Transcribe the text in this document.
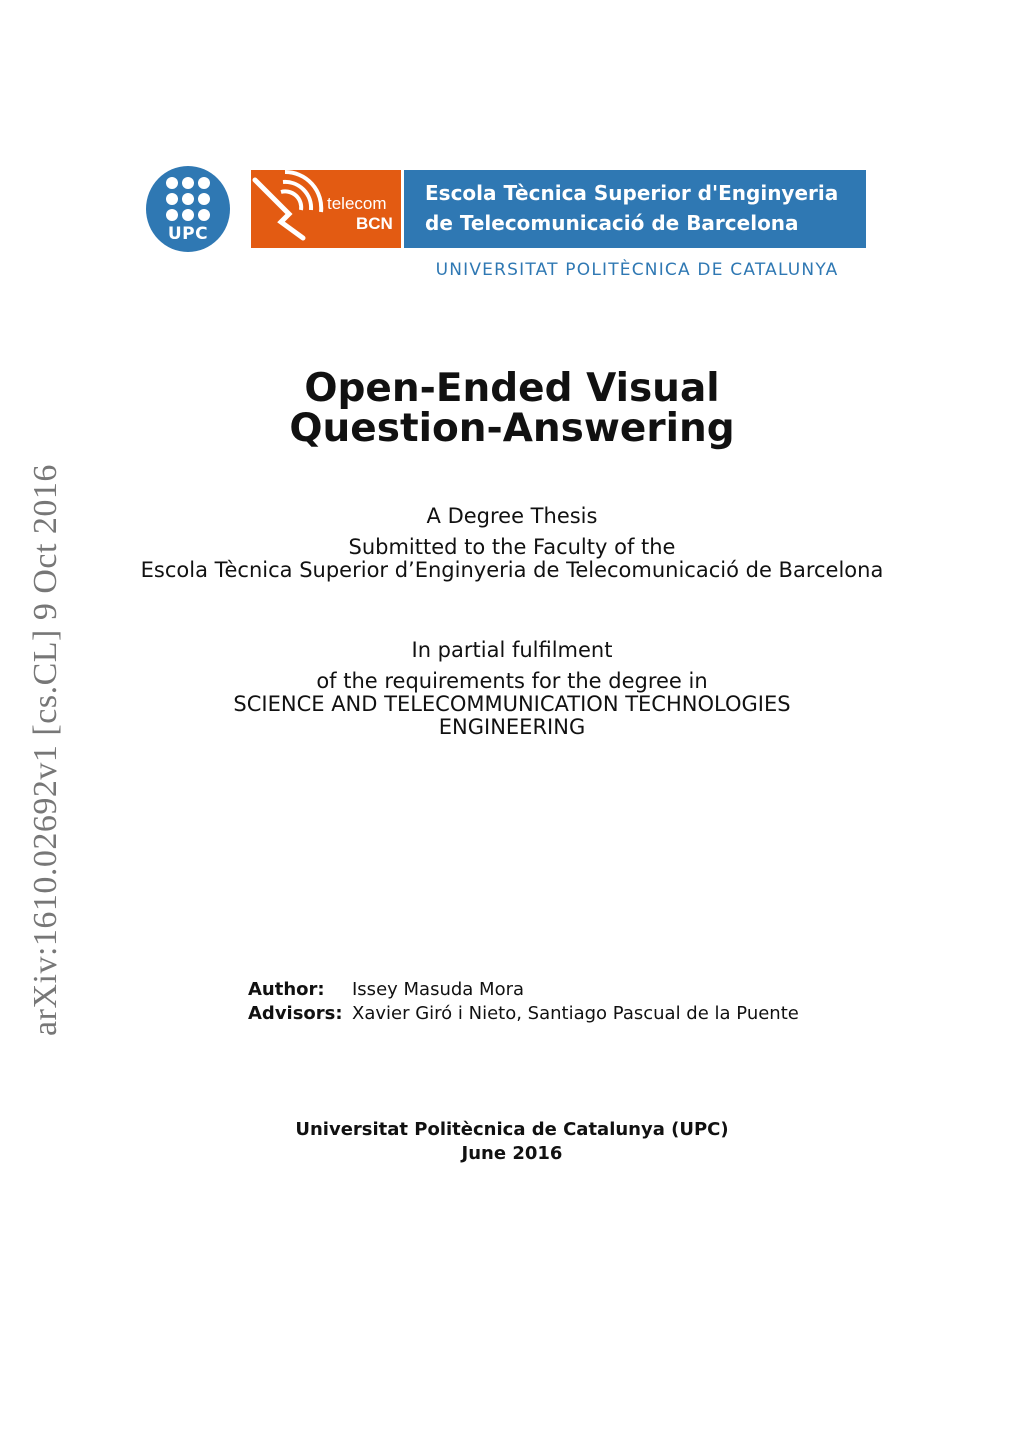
UPC
telecom
BCN
Escola Tècnica Superior d'Enginyeria
de Telecomunicació de Barcelona
UNIVERSITAT POLITÈCNICA DE CATALUNYA
arXiv:1610.02692v1 [cs.CL] 9 Oct 2016
Open-Ended Visual
Question-Answering
A Degree Thesis
Submitted to the Faculty of the
Escola Tècnica Superior d’Enginyeria de Telecomunicació de Barcelona
In partial fulfilment
of the requirements for the degree in
SCIENCE AND TELECOMMUNICATION TECHNOLOGIES
ENGINEERING
Author: Issey Masuda Mora
Advisors: Xavier Giró i Nieto, Santiago Pascual de la Puente
Universitat Politècnica de Catalunya (UPC)
June 2016
